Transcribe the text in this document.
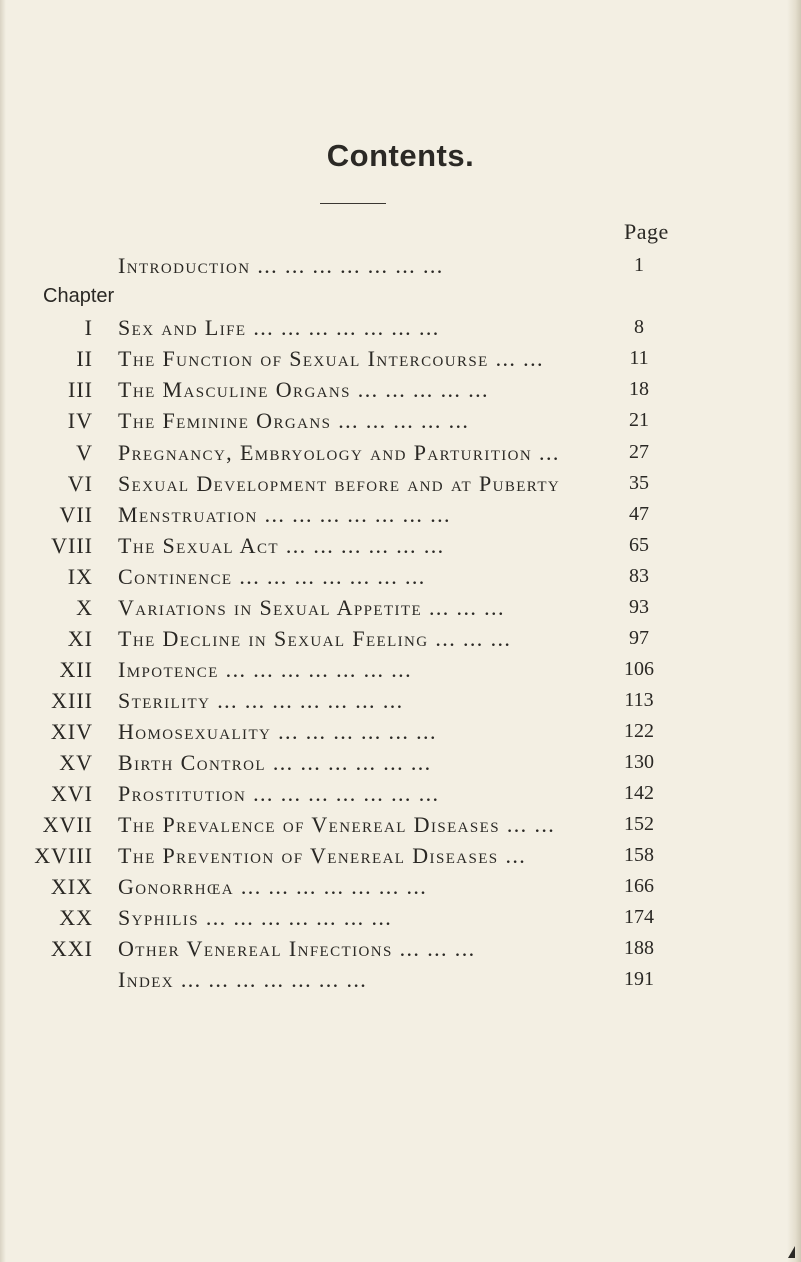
Contents.
Page
Introduction ... ... ... ... ... ... ...	1
Chapter
I Sex and Life ... ... ... ... ... ... ...	8
II The Function of Sexual Intercourse ... ...	11
III The Masculine Organs ... ... ... ... ...	18
IV The Feminine Organs ... ... ... ... ...	21
V Pregnancy, Embryology and Parturition ...	27
VI Sexual Development before and at Puberty	35
VII Menstruation ... ... ... ... ... ... ...	47
VIII The Sexual Act ... ... ... ... ... ...	65
IX Continence ... ... ... ... ... ... ...	83
X Variations in Sexual Appetite ... ... ...	93
XI The Decline in Sexual Feeling ... ... ...	97
XII Impotence ... ... ... ... ... ... ...	106
XIII Sterility ... ... ... ... ... ... ...	113
XIV Homosexuality ... ... ... ... ... ...	122
XV Birth Control ... ... ... ... ... ...	130
XVI Prostitution ... ... ... ... ... ... ...	142
XVII The Prevalence of Venereal Diseases ... ...	152
XVIII The Prevention of Venereal Diseases ...	158
XIX Gonorrhœa ... ... ... ... ... ... ...	166
XX Syphilis ... ... ... ... ... ... ...	174
XXI Other Venereal Infections ... ... ...	188
Index ... ... ... ... ... ... ...	191
